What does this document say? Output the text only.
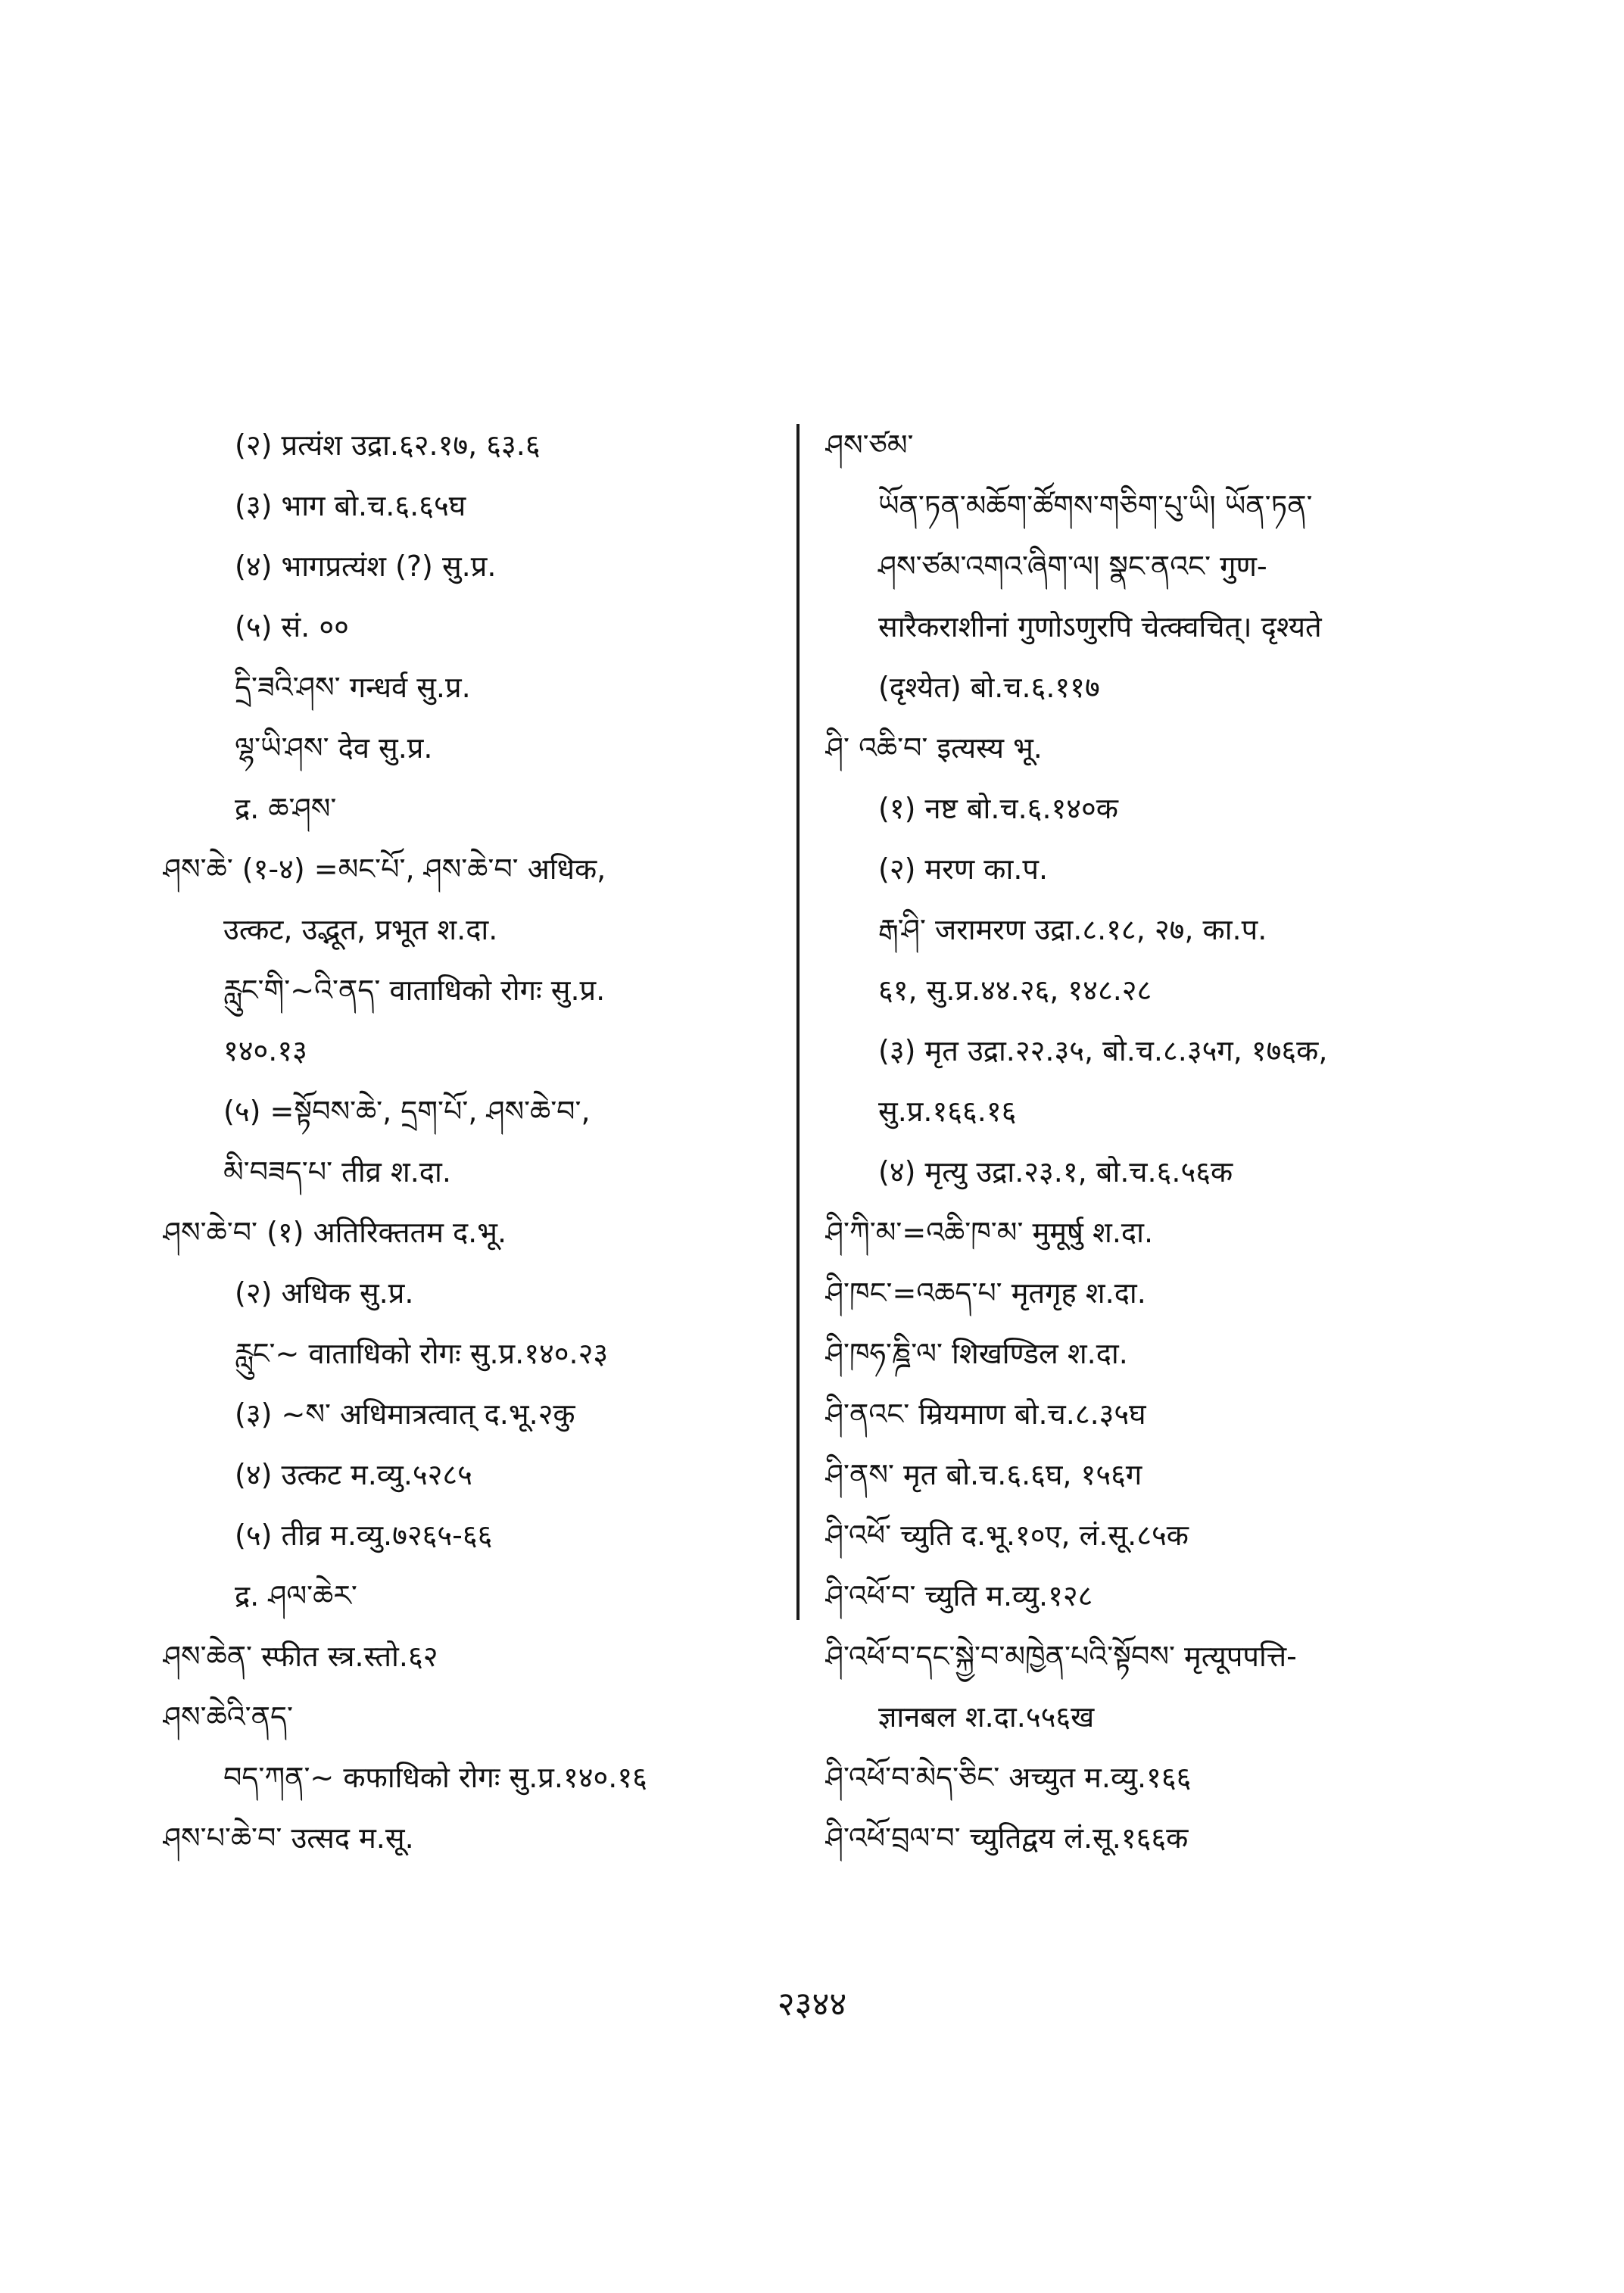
(२) प्रत्यंश उद्रा.६२.१७, ६३.६
(३) भाग बो.च.६.६५घ
(४) भागप्रत्यंश (?) सु.प्र.
(५) सं. ००
དྲི་ཟའི་ཤས་ गन्धर्व सु.प्र.
ལྷ་ཡི་ཤས་ देव सु.प्र.
द्र. ཆ་ཤས་
ཤས་ཆེ་ (१-४) =མང་པོ་, ཤས་ཆེ་བ་ अधिक,
उत्कट, उद्भूत, प्रभूत श.दा.
རླུང་གི་~འི་ནད་ वाताधिको रोगः सु.प्र.
१४०.१३
(५) =སྟོབས་ཆེ་, དྲག་པོ་, ཤས་ཆེ་བ་,
མི་བཟད་པ་ तीव्र श.दा.
ཤས་ཆེ་བ་ (१) अतिरिक्ततम द.भू.
(२) अधिक सु.प्र.
རླུང་~ वाताधिको रोगः सु.प्र.१४०.२३
(३) ~ས་ अधिमात्रत्वात् द.भू.२कु
(४) उत्कट म.व्यु.५२८५
(५) तीव्र म.व्यु.७२६५-६६
द्र. ཤལ་ཆེར་
ཤས་ཆེན་ स्फीत स्त्र.स्तो.६२
ཤས་ཆེའི་ནད་
བད་ཀན་~ कफाधिको रोगः सु.प्र.१४०.१६
ཤས་པ་ཆེ་བ་ उत्सद म.सू.
ཤས་ཙམ་
ཡོན་ཏན་མཆོག་ཚོགས་གཅིག་པུ་ཡི། ཡོན་ཏན་
ཤས་ཙམ་འགའ་ཞིག་ལ། སྣང་ནའང་ गुण-
सारैकराशीनां गुणोऽणुरपि चेत्क्वचित्। दृश्यते
(दृश्येत) बो.च.६.११७
ཤི་ འཆི་བ་ इत्यस्य भू.
(१) नष्ट बो.च.६.१४०क
(२) मरण का.प.
རྒ་ཤི་ जरामरण उद्रा.८.१८, २७, का.प.
६१, सु.प्र.४४.२६, १४८.२८
(३) मृत उद्रा.२२.३५, बो.च.८.३५ग, १७६क,
सु.प्र.१६६.१६
(४) मृत्यु उद्रा.२३.१, बो.च.६.५६क
ཤི་ཀི་མ་=འཆི་ཁ་མ་ मुमूर्षु श.दा.
ཤི་ཁང་=འཆད་པ་ मृतगृह श.दा.
ཤི་ཁཧ་ཎྜི་ལ་ शिखण्डिल श.दा.
ཤི་ནའང་ म्रियमाण बो.च.८.३५घ
ཤི་ནས་ मृत बो.च.६.६घ, १५६ग
ཤི་འཕོ་ च्युति द.भू.१०ए, लं.सू.८५क
ཤི་འཕོ་བ་ च्युति म.व्यु.१२८
ཤི་འཕོ་བ་དང་སྐྱེ་བ་མཁྱེན་པའི་སྟོབས་ मृत्यूपपत्ति-
ज्ञानबल श.दा.५५६ख
ཤི་འཕོ་བ་མེད་ཅིང་ अच्युत म.व्यु.१६६
ཤི་འཕོ་བྲལ་བ་ च्युतिद्वय लं.सू.१६६क
२३४४
